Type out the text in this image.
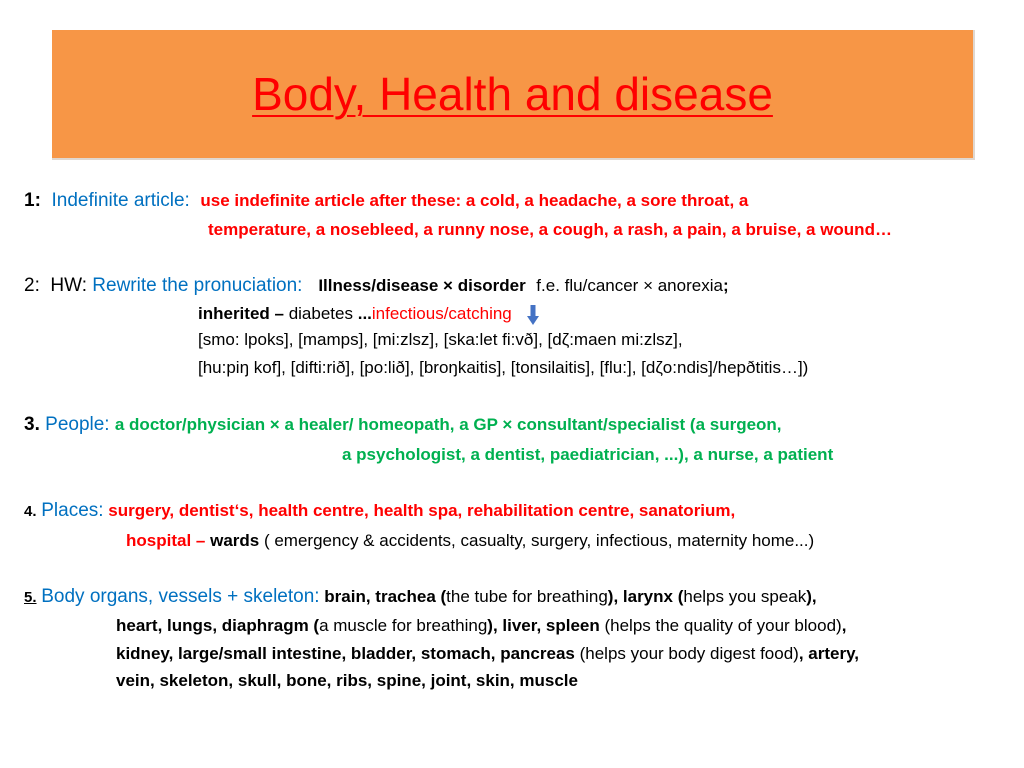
Body, Health and disease
1: Indefinite article: use indefinite article after these: a cold, a headache, a sore throat, a
temperature, a nosebleed, a runny nose, a cough, a rash, a pain, a bruise, a wound…
2: HW: Rewrite the pronuciation: Illness/disease × disorder f.e. flu/cancer × anorexia;
inherited – diabetes ...infectious/catching
[smo: lpoks], [mamps], [mi:zlsz], [ska:let fi:vð], [dζ:maen mi:zlsz],
[hu:piŋ kof], [difti:rið], [po:lið], [broŋkaitis], [tonsilaitis], [flu:], [dζo:ndis]/hepðtitis…])
3. People: a doctor/physician × a healer/ homeopath, a GP × consultant/specialist (a surgeon,
a psychologist, a dentist, paediatrician, ...), a nurse, a patient
4. Places: surgery, dentist‘s, health centre, health spa, rehabilitation centre, sanatorium,
hospital – wards ( emergency & accidents, casualty, surgery, infectious, maternity home...)
5. Body organs, vessels + skeleton: brain, trachea (the tube for breathing), larynx (helps you speak),
heart, lungs, diaphragm (a muscle for breathing), liver, spleen (helps the quality of your blood),
kidney, large/small intestine, bladder, stomach, pancreas (helps your body digest food), artery,
vein, skeleton, skull, bone, ribs, spine, joint, skin, muscle
